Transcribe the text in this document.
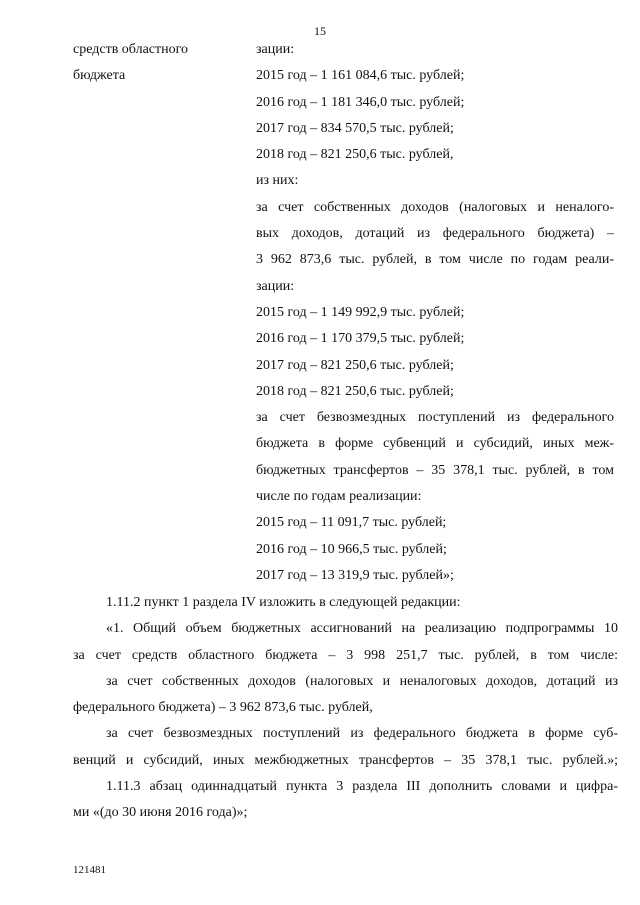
15
средств областного
бюджета
зации:
2015 год – 1 161 084,6 тыс. рублей;
2016 год – 1 181 346,0 тыс. рублей;
2017 год – 834 570,5 тыс. рублей;
2018 год – 821 250,6 тыс. рублей,
из них:
за счет собственных доходов (налоговых и неналого-
вых доходов, дотаций из федерального бюджета) –
3 962 873,6 тыс. рублей, в том числе по годам реали-
зации:
2015 год – 1 149 992,9 тыс. рублей;
2016 год – 1 170 379,5 тыс. рублей;
2017 год – 821 250,6 тыс. рублей;
2018 год – 821 250,6 тыс. рублей;
за счет безвозмездных поступлений из федерального
бюджета в форме субвенций и субсидий, иных меж-
бюджетных трансфертов – 35 378,1 тыс. рублей, в том
числе по годам реализации:
2015 год – 11 091,7 тыс. рублей;
2016 год – 10 966,5 тыс. рублей;
2017 год – 13 319,9 тыс. рублей»;
1.11.2 пункт 1 раздела IV изложить в следующей редакции:
«1. Общий объем бюджетных ассигнований на реализацию подпрограммы 10
за счет средств областного бюджета – 3 998 251,7 тыс. рублей, в том числе:
за счет собственных доходов (налоговых и неналоговых доходов, дотаций из
федерального бюджета) – 3 962 873,6 тыс. рублей,
за счет безвозмездных поступлений из федерального бюджета в форме суб-
венций и субсидий, иных межбюджетных трансфертов – 35 378,1 тыс. рублей.»;
1.11.3 абзац одиннадцатый пункта 3 раздела III дополнить словами и цифра-
ми «(до 30 июня 2016 года)»;
121481
